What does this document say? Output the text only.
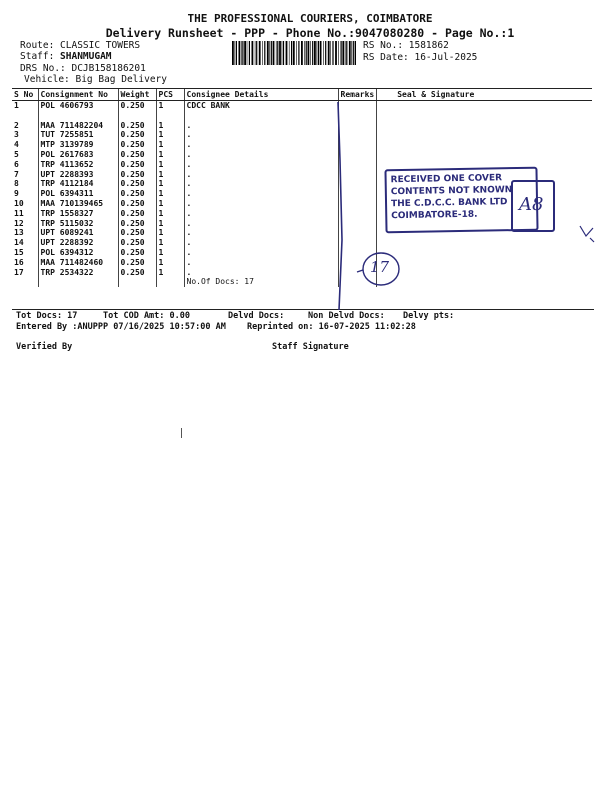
THE PROFESSIONAL COURIERS, COIMBATORE
Delivery Runsheet - PPP - Phone No.:9047080280 - Page No.:1
Route: CLASSIC TOWERS
Staff: SHANMUGAM
DRS No.: DCJB158186201
Vehicle: Big Bag Delivery
RS No.: 1581862
RS Date: 16-Jul-2025
S No	Consignment No	Weight	PCS	Consignee Details	Remarks	Seal & Signature
1	POL 4606793	0.250	1	CDCC BANK		

2	MAA 711482204	0.250	1	.		
3	TUT 7255851	0.250	1	.		
4	MTP 3139789	0.250	1	.		
5	POL 2617683	0.250	1	.		
6	TRP 4113652	0.250	1	.		
7	UPT 2288393	0.250	1	.		
8	TRP 4112184	0.250	1	.		
9	POL 6394311	0.250	1	.		
10	MAA 710139465	0.250	1	.		
11	TRP 1558327	0.250	1	.		
12	TRP 5115032	0.250	1	.		
13	UPT 6089241	0.250	1	.		
14	UPT 2288392	0.250	1	.		
15	POL 6394312	0.250	1	.		
16	MAA 711482460	0.250	1	.		
17	TRP 2534322	0.250	1	.		
				No.Of Docs: 17		
Tot Docs: 17	Tot COD Amt: 0.00	Delvd Docs:	Non Delvd Docs: Delvy pts:
Entered By :ANUPPP 07/16/2025 10:57:00 AM Reprinted on: 16-07-2025 11:02:28
Verified By	Staff Signature
RECEIVED ONE COVER
CONTENTS NOT KNOWN
THE C.D.C.C. BANK LTD
COIMBATORE-18.
A8
17
